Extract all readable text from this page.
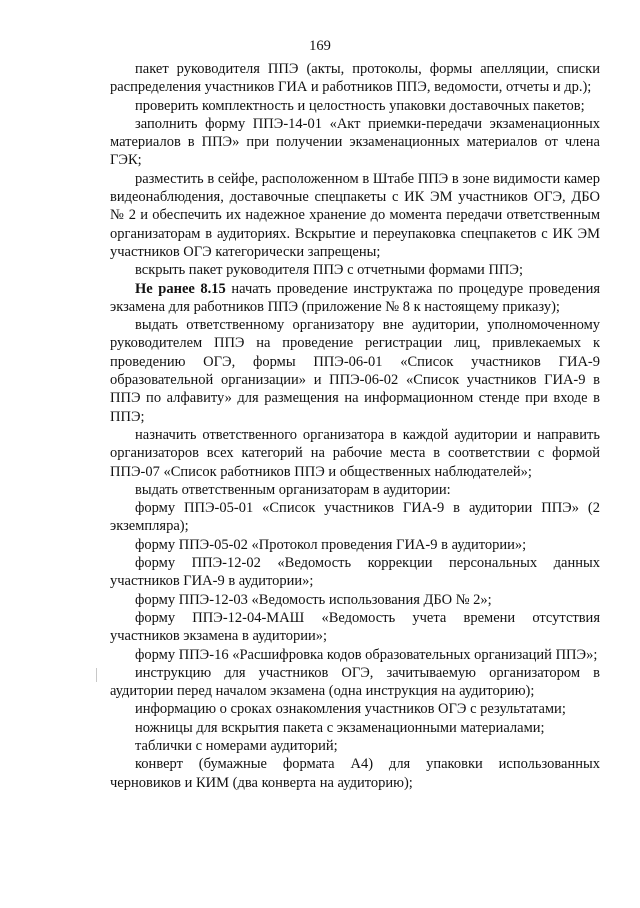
169

пакет руководителя ППЭ (акты, протоколы, формы апелляции, списки распределения участников ГИА и работников ППЭ, ведомости, отчеты и др.);

проверить комплектность и целостность упаковки доставочных пакетов;

заполнить форму ППЭ-14-01 «Акт приемки-передачи экзаменационных материалов в ППЭ» при получении экзаменационных материалов от члена ГЭК;

разместить в сейфе, расположенном в Штабе ППЭ в зоне видимости камер видеонаблюдения, доставочные спецпакеты с ИК ЭМ участников ОГЭ, ДБО № 2 и обеспечить их надежное хранение до момента передачи ответственным организаторам в аудиториях. Вскрытие и переупаковка спецпакетов с ИК ЭМ участников ОГЭ категорически запрещены;

вскрыть пакет руководителя ППЭ с отчетными формами ППЭ;

Не ранее 8.15 начать проведение инструктажа по процедуре проведения экзамена для работников ППЭ (приложение № 8 к настоящему приказу);

выдать ответственному организатору вне аудитории, уполномоченному руководителем ППЭ на проведение регистрации лиц, привлекаемых к проведению ОГЭ, формы ППЭ-06-01 «Список участников ГИА-9 образовательной организации» и ППЭ-06-02 «Список участников ГИА-9 в ППЭ по алфавиту» для размещения на информационном стенде при входе в ППЭ;

назначить ответственного организатора в каждой аудитории и направить организаторов всех категорий на рабочие места в соответствии с формой ППЭ-07 «Список работников ППЭ и общественных наблюдателей»;

выдать ответственным организаторам в аудитории:

форму ППЭ-05-01 «Список участников ГИА-9 в аудитории ППЭ» (2 экземпляра);

форму ППЭ-05-02 «Протокол проведения ГИА-9 в аудитории»;

форму ППЭ-12-02 «Ведомость коррекции персональных данных участников ГИА-9 в аудитории»;

форму ППЭ-12-03 «Ведомость использования ДБО № 2»;

форму ППЭ-12-04-МАШ «Ведомость учета времени отсутствия участников экзамена в аудитории»;

форму ППЭ-16 «Расшифровка кодов образовательных организаций ППЭ»;

инструкцию для участников ОГЭ, зачитываемую организатором в аудитории перед началом экзамена (одна инструкция на аудиторию);

информацию о сроках ознакомления участников ОГЭ с результатами;

ножницы для вскрытия пакета с экзаменационными материалами;

таблички с номерами аудиторий;

конверт (бумажные формата А4) для упаковки использованных черновиков и КИМ (два конверта на аудиторию);
